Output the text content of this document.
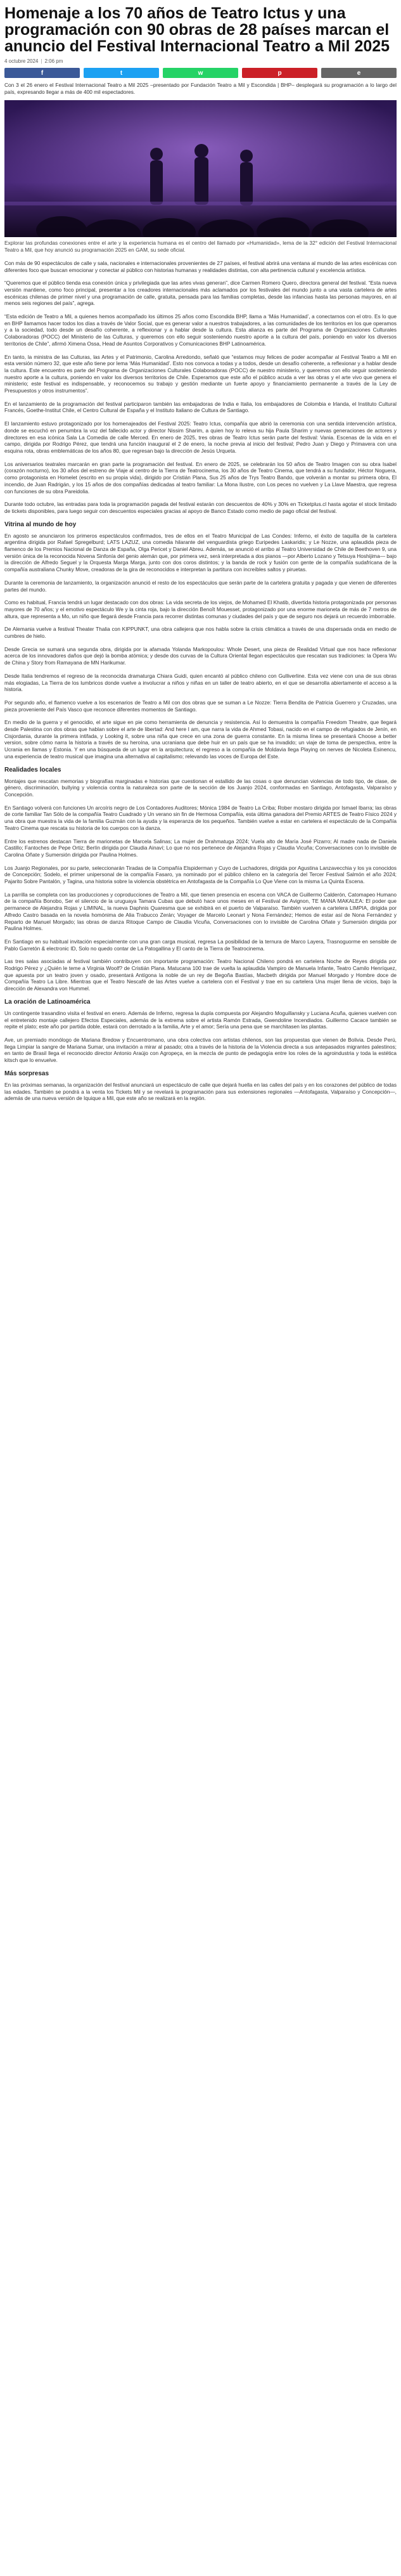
Homenaje a los 70 años de Teatro Ictus y una programación con 90 obras de 28 países marcan el anuncio del Festival Internacional Teatro a Mil 2025
4 octubre 2024 | 2:06 pm
f	t	w	p	e

Con 3 el 26 enero el Festival Internacional Teatro a Mil 2025 –presentado por Fundación Teatro a Mil y Escondida | BHP– desplegará su programación a lo largo del país, expresando llegar a más de 400 mil espectadores.

Explorar las profundas conexiones entre el arte y la experiencia humana es el centro del llamado por «Humanidad», lema de la 32° edición del Festival Internacional Teatro a Mil, que hoy anunció su programación 2025 en GAM, su sede oficial.

Con más de 90 espectáculos de calle y sala, nacionales e internacionales provenientes de 27 países, el festival abrirá una ventana al mundo de las artes escénicas con diferentes foco que buscan emocionar y conectar al público con historias humanas y realidades distintas, con alta pertinencia cultural y excelencia artística.

“Queremos que el público tienda esa conexión única y privilegiada que las artes vivas generan”, dice Carmen Romero Quero, directora general del festival. “Esta nueva versión mantiene, como foco principal, presentar a los creadores internacionales más aclamados por los festivales del mundo junto a una vasta cartelera de artes escénicas chilenas de primer nivel y una programación de calle, gratuita, pensada para las familias completas, desde las infancias hasta las personas mayores, en al menos seis regiones del país”, agrega.

“Esta edición de Teatro a Mil, a quienes hemos acompañado los últimos 25 años como Escondida BHP, llama a ‘Más Humanidad’, a conectarnos con el otro. Es lo que en BHP llamamos hacer todos los días a través de Valor Social, que es generar valor a nuestros trabajadores, a las comunidades de los territorios en los que operamos y a la sociedad, todo desde un desafío coherente, a reflexionar y a hablar desde la cultura. Esta alianza es parte del Programa de Organizaciones Culturales Colaboradoras (POCC) del Ministerio de las Culturas, y queremos con ello seguir sosteniendo nuestro aporte a la cultura del país, poniendo en valor los diversos territorios de Chile”, afirmó Ximena Ossa, Head de Asuntos Corporativos y Comunicaciones BHP Latinoamérica.

En tanto, la ministra de las Culturas, las Artes y el Patrimonio, Carolina Arredondo, señaló que “estamos muy felices de poder acompañar al Festival Teatro a Mil en esta versión número 32, que este año tiene por lema ‘Más Humanidad’. Esto nos convoca a todas y a todos, desde un desafío coherente, a reflexionar y a hablar desde la cultura. Este encuentro es parte del Programa de Organizaciones Culturales Colaboradoras (POCC) de nuestro ministerio, y queremos con ello seguir sosteniendo nuestro aporte a la cultura, poniendo en valor los diversos territorios de Chile. Esperamos que este año el público acuda a ver las obras y el arte vivo que genera el ministerio; este festival es indispensable, y reconocemos su trabajo y gestión mediante un fuerte apoyo y financiamiento permanente a través de la Ley de Presupuestos y otros instrumentos”.

En el lanzamiento de la programación del festival participaron también las embajadoras de India e Italia, los embajadores de Colombia e Irlanda, el Instituto Cultural Francés, Goethe-Institut Chile, el Centro Cultural de España y el Instituto Italiano de Cultura de Santiago.

El lanzamiento estuvo protagonizado por los homenajeados del Festival 2025: Teatro Ictus, compañía que abrió la ceremonia con una sentida intervención artística, donde se escuchó en penumbra la voz del fallecido actor y director Nissim Sharim, a quien hoy lo releva su hija Paula Sharim y nuevas generaciones de actores y directores en esa icónica Sala La Comedia de calle Merced. En enero de 2025, tres obras de Teatro Ictus serán parte del festival: Vania. Escenas de la vida en el campo, dirigida por Rodrigo Pérez, que tendrá una función inaugural el 2 de enero, la noche previa al inicio del festival; Pedro Juan y Diego y Primavera con una esquina rota, obras emblemáticas de los años 80, que regresan bajo la dirección de Jesús Urqueta.

Los aniversarios teatrales marcarán en gran parte la programación del festival. En enero de 2025, se celebrarán los 50 años de Teatro Imagen con su obra Isabel (corazón nocturno), los 30 años del estreno de Viaje al centro de la Tierra de Teatrocinema, los 30 años de Teatro Cinema, que tendrá a su fundador, Héctor Noguera, como protagonista en Homelet (escrito en su propia vida), dirigido por Cristián Plana, Sus 25 años de Trys Teatro Bando, que volverán a montar su primera obra, El incendio, de Juan Radrigán, y los 15 años de dos compañías dedicadas al teatro familiar: La Mona Ilustre, con Los peces no vuelven y La Llave Maestra, que regresa con funciones de su obra Pareidolia.

Durante todo octubre, las entradas para toda la programación pagada del festival estarán con descuentos de 40% y 30% en Ticketplus.cl hasta agotar el stock limitado de tickets disponibles, para luego seguir con descuentos especiales gracias al apoyo de Banco Estado como medio de pago oficial del festival.

Vitrina al mundo de hoy

En agosto se anunciaron los primeros espectáculos confirmados, tres de ellos en el Teatro Municipal de Las Condes: Inferno, el éxito de taquilla de la cartelera argentina dirigida por Rafael Spregelburd; LATS LAZUZ, una comedia hilarante del venguardista griego Euripedes Laskaridis; y Le Nozze, una aplaudida pieza de flamenco de los Premios Nacional de Danza de España, Olga Pericet y Daniel Abreu. Además, se anunció el arribo al Teatro Universidad de Chile de Beethoven 9, una versión única de la reconocida Novena Sinfonía del genio alemán que, por primera vez, será interpretada a dos pianos —por Alberto Lozano y Tetsuya Hoshijima— bajo la dirección de Alfredo Seguel y la Orquesta Marga Marga, junto con dos coros distintos; y la banda de rock y fusión con gente de la compañía sudafricana de la compañía australiana Chunky Move, creadoras de la gira de reconocidos e interpretan la partitura con increíbles saltos y piruetas.

Durante la ceremonia de lanzamiento, la organización anunció el resto de los espectáculos que serán parte de la cartelera gratuita y pagada y que vienen de diferentes partes del mundo.

Como es habitual, Francia tendrá un lugar destacado con dos obras: La vida secreta de los viejos, de Mohamed El Khatib, divertida historia protagonizada por personas mayores de 70 años; y el emotivo espectáculo We y la cinta roja, bajo la dirección Benoît Mouesset, protagonizado por una enorme marioneta de más de 7 metros de altura, que representa a Mo, un niño que llegará desde Francia para recorrer distintas comunas y ciudades del país y que de seguro nos dejará un recuerdo imborrable.

De Alemania vuelve a festival Theater Thalia con KIPPUNKT, una obra callejera que nos habla sobre la crisis climática a través de una dispersada onda en medio de cumbres de hielo.

Desde Grecia se sumará una segunda obra, dirigida por la afamada Yolanda Markopoulou: Whole Desert, una pieza de Realidad Virtual que nos hace reflexionar acerca de los innovadores daños que dejó la bomba atómica; y desde dos curvas de la Cultura Oriental llegan espectáculos que rescatan sus tradiciones: la Opera Wu de China y Story from Ramayana de MN Harikumar.

Desde Italia tendremos el regreso de la reconocida dramaturga Chiara Guidi, quien encantó al público chileno con Gulliverline. Esta vez viene con una de sus obras más elogiadas, La Tierra de los lumbricos donde vuelve a involucrar a niños y niñas en un taller de teatro abierto, en el que se desarrolla abiertamente el acceso a la historia.

Por segundo año, el flamenco vuelve a los escenarios de Teatro a Mil con dos obras que se suman a Le Nozze: Tierra Bendita de Patricia Guerrero y Cruzadas, una pieza proveniente del País Vasco que reconoce diferentes momentos de Santiago.

En medio de la guerra y el genocidio, el arte sigue en pie como herramienta de denuncia y resistencia. Así lo demuestra la compañía Freedom Theatre, que llegará desde Palestina con dos obras que hablan sobre el arte de libertad: And here I am, que narra la vida de Ahmed Tobasi, nacido en el campo de refugiados de Jenín, en Cisjordania, durante la primera intifada, y Looking it, sobre una niña que crece en una zona de guerra constante. En la misma línea se presentará Choose a better version, sobre cómo narra la historia a través de su heroína, una ucraniana que debe huir en un país que se ha invadido; un viaje de toma de perspectiva, entre la Ucrania en llamas y Estonia. Y en una búsqueda de un lugar en la arquitectura; el regreso a la compañía de Moldavia llega Playing on nerves de Nicoleta Esinencu, una experiencia de teatro musical que imagina una alternativa al capitalismo; relevando las voces de Europa del Este.

Realidades locales

Montajes que rescatan memorias y biografías marginadas e historias que cuestionan el estallido de las cosas o que denuncian violencias de todo tipo, de clase, de género, discriminación, bullying y violencia contra la naturaleza son parte de la sección de los Juanjo 2024, conformadas en Santiago, Antofagasta, Valparaíso y Concepción.

En Santiago volverá con funciones Un arcoíris negro de Los Contadores Auditores; Mónica 1984 de Teatro La Criba; Rober mostaro dirigida por Ismael Ibarra; las obras de corte familiar Tan Sólo de la compañía Teatro Cuadrado y Un verano sin fin de Hermosa Compañía, esta última ganadora del Premio ARTES de Teatro Físico 2024 y una obra que muestra la vida de la familia Guzmán con la ayuda y la esperanza de los pequeños. También vuelve a estar en cartelera el espectáculo de la Compañía Teatro Cinema que rescata su historia de los cuerpos con la danza.

Entre los estrenos destacan Tierra de marionetas de Marcela Salinas; La mujer de Drahmatuga 2024; Vuela alto de María José Pizarro; Al madre nada de Daniela Castillo; Fantoches de Pepe Ortiz; Berlín dirigida por Claudia Ainaví; Lo que no nos pertenece de Alejandra Rojas y Claudia Vicuña; Conversaciones con lo invisible de Carolina Oñate y Sumersión dirigida por Paulina Holmes.

Los Juanjo Regionales, por su parte, seleccionarán Tiradas de la Compañía Elspiderman y Cuyo de Luchadores, dirigida por Agustina Lanzavecchia y los ya conocidos de Concepción; Sodelo, el primer unipersonal de la compañía Fasaro, ya nominado por el público chileno en la categoría del Tercer Festival Salmón el año 2024; Pajarito Sobre Pantalón, y Tagina, una historia sobre la violencia obstétrica en Antofagasta de la Compañía Lo Que Viene con la misma La Quinta Escena.

La parrilla se completa con las producciones y coproducciones de Teatro a Mil, que tienen presencia en escena con VACA de Guillermo Calderón, Catomapeo Humano de la compañía Bonobo, Ser el silencio de la uruguaya Tamara Cubas que debutó hace unos meses en el Festival de Avignon, TE MANA MAKALEA: El poder que permanece de Alejandra Rojas y LIMINAL, la nueva Daphnis Quaresma que se exhibirá en el puerto de Valparaíso. También vuelven a cartelera LIMPIA, dirigida por Alfredo Castro basada en la novela homónima de Alia Trabucco Zerán; Voyager de Marcelo Leonart y Nona Fernández; Hemos de estar así de Nona Fernández y Reparto de Manuel Morgado; las obras de danza Ritoque Campo de Claudia Vicuña, Conversaciones con lo invisible de Carolina Oñate y Sumersión dirigida por Paulina Holmes.

En Santiago en su habitual invitación especialmente con una gran carga musical, regresa La posibilidad de la ternura de Marco Layera, Trasnoguorme en sensible de Pablo Garretón & electronic ID, Solo no quedo contar de La Patogallina y El canto de la Tierra de Teatrocinema.

Las tres salas asociadas al festival también contribuyen con importante programación: Teatro Nacional Chileno pondrá en cartelera Noche de Reyes dirigida por Rodrigo Pérez y ¿Quién le teme a Virginia Woolf? de Cristián Plana. Matucana 100 trae de vuelta la aplaudida Vampiro de Manuela Infante, Teatro Camilo Henríquez, que apuesta por un teatro joven y osado, presentará Antígona la noble de un rey de Begoña Bastías, Macbeth dirigida por Manuel Morgado y Hombre doce de Compañía Teatro La Libre. Mientras que el Teatro Nescafé de las Artes vuelve a cartelera con el Festival y trae en su cartelera Una mujer llena de vicios, bajo la dirección de Alexandra von Hummel.

La oración de Latinoamérica

Un contingente trasandino visita el festival en enero. Además de Inferno, regresa la dupla compuesta por Alejandro Moguillansky y Luciana Acuña, quienes vuelven con el entretenido montaje callejero Efectos Especiales, además de la extrema sobre el artista Ramón Estrada, Gwendoline Incendiados. Guillermo Cacace también se repite el plato; este año por partida doble, estará con derrotado a la familia, Arte y el amor; Sería una pena que se marchitasen las plantas.

Ave, un premiado monólogo de Mariana Bredow y Encuentromano, una obra colectiva con artistas chilenos, son las propuestas que vienen de Bolivia. Desde Perú, llega Limpiar la sangre de Mariana Sumar, una invitación a mirar al pasado; otra a través de la historia de la Violencia directa a sus antepasados migrantes palestinos; en tanto de Brasil llega el reconocido director Antonio Araújo con Agropeça, en la mezcla de punto de pedagogía entre los roles de la agroindustria y toda la estética kitsch que lo envuelve.

Más sorpresas

En las próximas semanas, la organización del festival anunciará un espectáculo de calle que dejará huella en las calles del país y en los corazones del público de todas las edades. También se pondrá a la venta los Tickets Mil y se revelará la programación para sus extensiones regionales —Antofagasta, Valparaíso y Concepción—, además de una nueva versión de Iquique a Mil, que este año se realizará en la región.
